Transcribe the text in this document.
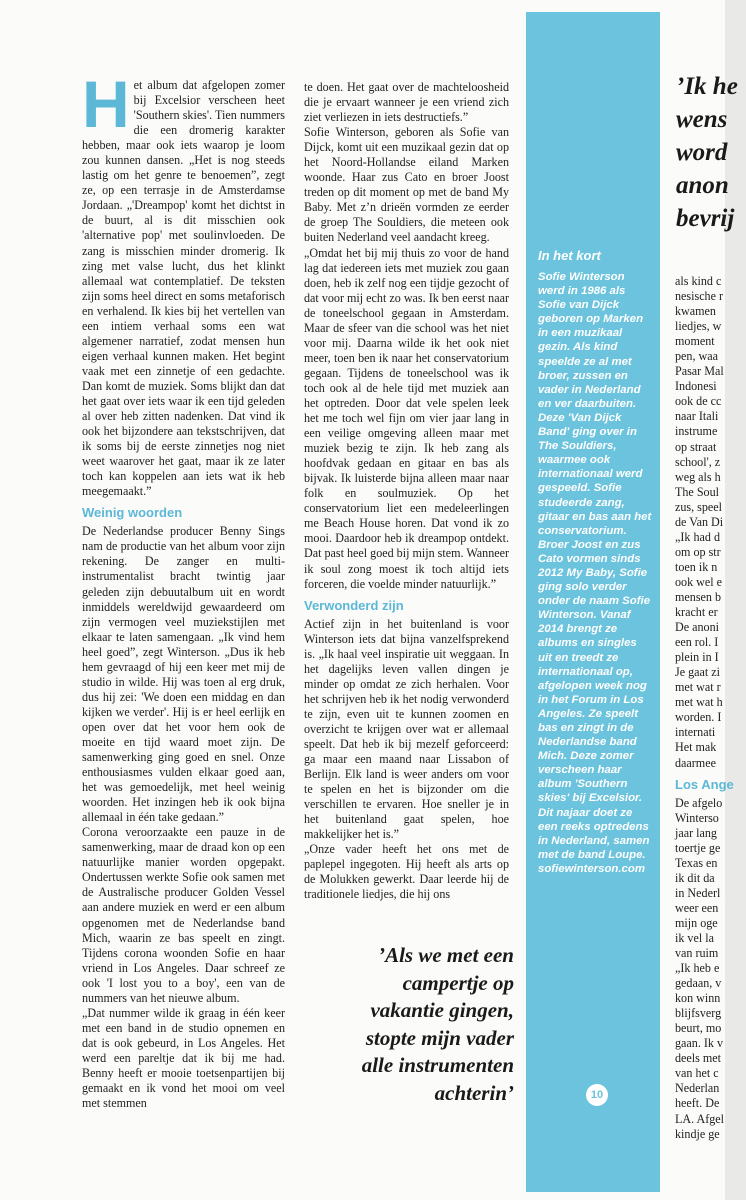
H et album dat afgelopen zomer bij Excelsior verscheen heet 'Southern skies'. Tien nummers die een dromerig karakter hebben, maar ook iets waarop je loom zou kunnen dansen. „Het is nog steeds lastig om het genre te benoemen”, zegt ze, op een terrasje in de Amsterdamse Jordaan. „'Dreampop' komt het dichtst in de buurt, al is dit misschien ook 'alternative pop' met soulinvloeden. De zang is misschien minder dromerig. Ik zing met valse lucht, dus het klinkt allemaal wat contemplatief. De teksten zijn soms heel direct en soms metaforisch en verhalend. Ik kies bij het vertellen van een intiem verhaal soms een wat algemener narratief, zodat mensen hun eigen verhaal kunnen maken. Het begint vaak met een zinnetje of een gedachte. Dan komt de muziek. Soms blijkt dan dat het gaat over iets waar ik een tijd geleden al over heb zitten nadenken. Dat vind ik ook het bijzondere aan tekstschrijven, dat ik soms bij de eerste zinnetjes nog niet weet waarover het gaat, maar ik ze later toch kan koppelen aan iets wat ik heb meegemaakt.”

Weinig woorden

De Nederlandse producer Benny Sings nam de productie van het album voor zijn rekening. De zanger en multi-instrumentalist bracht twintig jaar geleden zijn debuutalbum uit en wordt inmiddels wereldwijd gewaardeerd om zijn vermogen veel muziekstijlen met elkaar te laten samengaan. „Ik vind hem heel goed”, zegt Winterson. „Dus ik heb hem gevraagd of hij een keer met mij de studio in wilde. Hij was toen al erg druk, dus hij zei: 'We doen een middag en dan kijken we verder'. Hij is er heel eerlijk en open over dat het voor hem ook de moeite en tijd waard moet zijn. De samenwerking ging goed en snel. Onze enthousiasmes vulden elkaar goed aan, het was gemoedelijk, met heel weinig woorden. Het inzingen heb ik ook bijna allemaal in één take gedaan.”

Corona veroorzaakte een pauze in de samenwerking, maar de draad kon op een natuurlijke manier worden opgepakt. Ondertussen werkte Sofie ook samen met de Australische producer Golden Vessel aan andere muziek en werd er een album opgenomen met de Nederlandse band Mich, waarin ze bas speelt en zingt. Tijdens corona woonden Sofie en haar vriend in Los Angeles. Daar schreef ze ook 'I lost you to a boy', een van de nummers van het nieuwe album.

„Dat nummer wilde ik graag in één keer met een band in de studio opnemen en dat is ook gebeurd, in Los Angeles. Het werd een pareltje dat ik bij me had. Benny heeft er mooie toetsenpartijen bij gemaakt en ik vond het mooi om veel met stemmen

te doen. Het gaat over de machteloosheid die je ervaart wanneer je een vriend zich ziet verliezen in iets destructiefs.”

Sofie Winterson, geboren als Sofie van Dijck, komt uit een muzikaal gezin dat op het Noord-Hollandse eiland Marken woonde. Haar zus Cato en broer Joost treden op dit moment op met de band My Baby. Met z’n drieën vormden ze eerder de groep The Souldiers, die meteen ook buiten Nederland veel aandacht kreeg.

„Omdat het bij mij thuis zo voor de hand lag dat iedereen iets met muziek zou gaan doen, heb ik zelf nog een tijdje gezocht of dat voor mij echt zo was. Ik ben eerst naar de toneelschool gegaan in Amsterdam. Maar de sfeer van die school was het niet voor mij. Daarna wilde ik het ook niet meer, toen ben ik naar het conservatorium gegaan. Tijdens de toneelschool was ik toch ook al de hele tijd met muziek aan het optreden. Door dat vele spelen leek het me toch wel fijn om vier jaar lang in een veilige omgeving alleen maar met muziek bezig te zijn. Ik heb zang als hoofdvak gedaan en gitaar en bas als bijvak. Ik luisterde bijna alleen maar naar folk en soulmuziek. Op het conservatorium liet een medeleerlingen me Beach House horen. Dat vond ik zo mooi. Daardoor heb ik dreampop ontdekt. Dat past heel goed bij mijn stem. Wanneer ik soul zong moest ik toch altijd iets forceren, die voelde minder natuurlijk.”

Verwonderd zijn

Actief zijn in het buitenland is voor Winterson iets dat bijna vanzelfsprekend is. „Ik haal veel inspiratie uit weggaan. In het dagelijks leven vallen dingen je minder op omdat ze zich herhalen. Voor het schrijven heb ik het nodig verwonderd te zijn, even uit te kunnen zoomen en overzicht te krijgen over wat er allemaal speelt. Dat heb ik bij mezelf geforceerd: ga maar een maand naar Lissabon of Berlijn. Elk land is weer anders om voor te spelen en het is bijzonder om die verschillen te ervaren. Hoe sneller je in het buitenland gaat spelen, hoe makkelijker het is.”

„Onze vader heeft het ons met de paplepel ingegoten. Hij heeft als arts op de Molukken gewerkt. Daar leerde hij de traditionele liedjes, die hij ons

’Als we met een campertje op vakantie gingen, stopte mijn vader alle instrumenten achterin’
In het kort
Sofie Winterson werd in 1986 als Sofie van Dijck geboren op Marken in een muzikaal gezin. Als kind speelde ze al met broer, zussen en vader in Nederland en ver daarbuiten. Deze 'Van Dijck Band' ging over in The Souldiers, waarmee ook internationaal werd gespeeld. Sofie studeerde zang, gitaar en bas aan het conservatorium. Broer Joost en zus Cato vormen sinds 2012 My Baby, Sofie ging solo verder onder de naam Sofie Winterson. Vanaf 2014 brengt ze albums en singles uit en treedt ze internationaal op, afgelopen week nog in het Forum in Los Angeles. Ze speelt bas en zingt in de Nederlandse band Mich. Deze zomer verscheen haar album 'Southern skies' bij Excelsior. Dit najaar doet ze een reeks optredens in Nederland, samen met de band Loupe. sofiewinterson.com
10
’Ik he
wens
word
anon
bevrij
als kind c
nesische r
kwamen
liedjes, w
moment
pen, waa
Pasar Mal
Indonesi
ook de cc
naar Itali
instrume
op straat
school', z
weg als h
The Soul
zus, speel
de Van Di
„Ik had d
om op str
toen ik n
ook wel e
mensen b
kracht er
De anoni
een rol. I
plein in I
Je gaat zi
met wat r
met wat h
worden. I
internati
Het mak
daarmee
Los Ange
De afgelo
Winterso
jaar lang
toertje ge
Texas en
ik dit da
in Nederl
weer een
mijn oge
ik vel la
van ruim
„Ik heb e
gedaan, v
kon winn
blijfsverg
beurt, mo
gaan. Ik v
deels met
van het c
Nederlan
heeft. De
LA. Afgel
kindje ge
